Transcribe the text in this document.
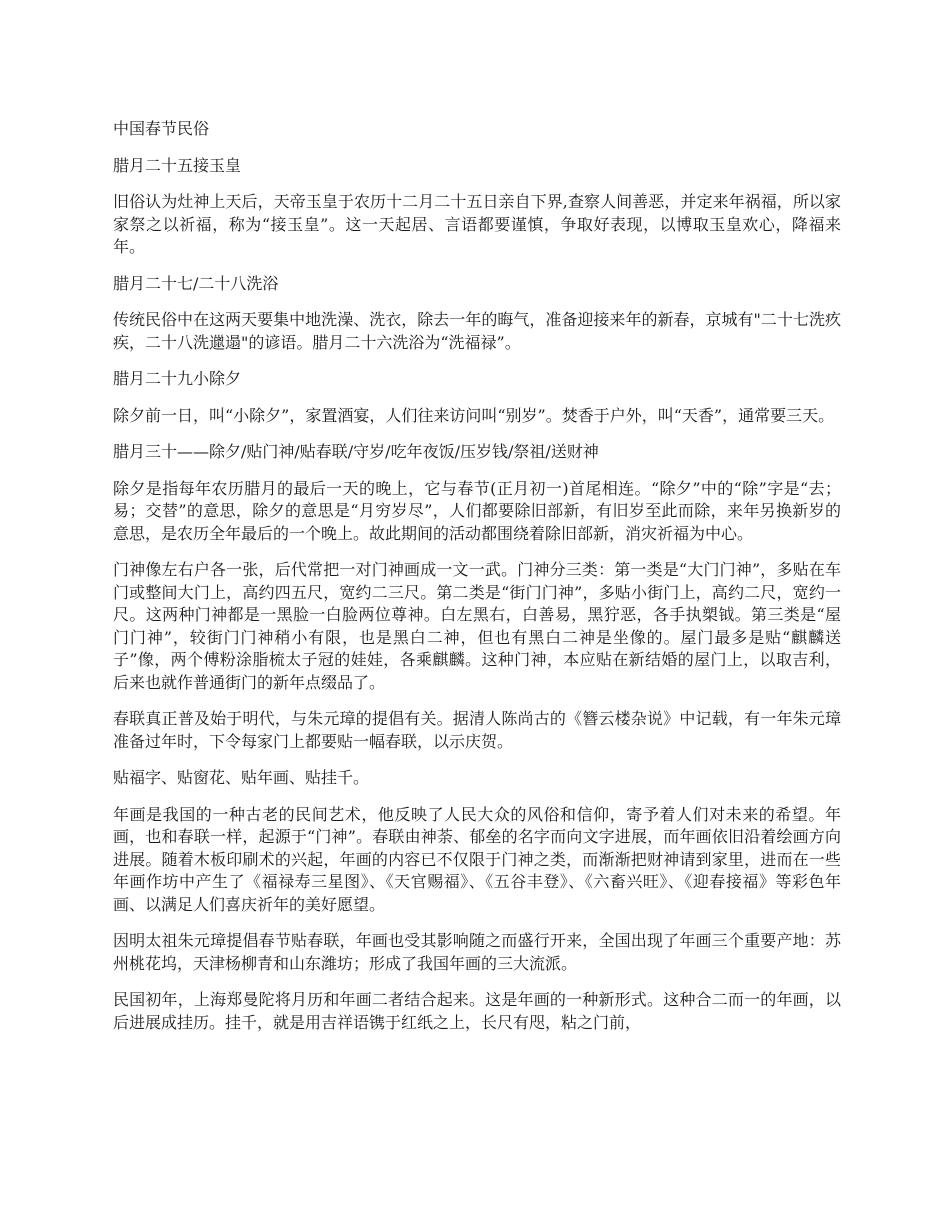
中国春节民俗

腊月二十五接玉皇

旧俗认为灶神上天后，天帝玉皇于农历十二月二十五日亲自下界,查察人间善恶，并定来年祸福，所以家家祭之以祈福，称为“接玉皇”。这一天起居、言语都要谨慎，争取好表现，以博取玉皇欢心，降福来年。

腊月二十七/二十八洗浴

传统民俗中在这两天要集中地洗澡、洗衣，除去一年的晦气，准备迎接来年的新春，京城有"二十七洗疚疾，二十八洗邋遢"的谚语。腊月二十六洗浴为“洗福禄”。

腊月二十九小除夕

除夕前一日，叫“小除夕”，家置酒宴，人们往来访问叫“别岁”。焚香于户外，叫“天香”，通常要三天。

腊月三十——除夕/贴门神/贴春联/守岁/吃年夜饭/压岁钱/祭祖/送财神

除夕是指每年农历腊月的最后一天的晚上，它与春节(正月初一)首尾相连。“除夕”中的“除”字是“去；易；交替”的意思，除夕的意思是“月穷岁尽”，人们都要除旧部新，有旧岁至此而除，来年另换新岁的意思，是农历全年最后的一个晚上。故此期间的活动都围绕着除旧部新，消灾祈福为中心。

门神像左右户各一张，后代常把一对门神画成一文一武。门神分三类：第一类是“大门门神”，多贴在车门或整间大门上，高约四五尺，宽约二三尺。第二类是“街门门神”，多贴小街门上，高约二尺，宽约一尺。这两种门神都是一黑脸一白脸两位尊神。白左黑右，白善易，黑狞恶，各手执槊钺。第三类是“屋门门神”，较街门门神稍小有限，也是黑白二神，但也有黑白二神是坐像的。屋门最多是贴“麒麟送子”像，两个傅粉涂脂梳太子冠的娃娃，各乘麒麟。这种门神，本应贴在新结婚的屋门上，以取吉利，后来也就作普通街门的新年点缀品了。

春联真正普及始于明代，与朱元璋的提倡有关。据清人陈尚古的《簪云楼杂说》中记载，有一年朱元璋准备过年时，下令每家门上都要贴一幅春联，以示庆贺。

贴福字、贴窗花、贴年画、贴挂千。

年画是我国的一种古老的民间艺术，他反映了人民大众的风俗和信仰，寄予着人们对未来的希望。年画，也和春联一样，起源于“门神”。春联由神荼、郁垒的名字而向文字进展，而年画依旧沿着绘画方向进展。随着木板印刷术的兴起，年画的内容已不仅限于门神之类，而渐渐把财神请到家里，进而在一些年画作坊中产生了《福禄寿三星图》、《天官赐福》、《五谷丰登》、《六畜兴旺》、《迎春接福》等彩色年画、以满足人们喜庆祈年的美好愿望。

因明太祖朱元璋提倡春节贴春联，年画也受其影响随之而盛行开来，全国出现了年画三个重要产地：苏州桃花坞，天津杨柳青和山东潍坊；形成了我国年画的三大流派。

民国初年，上海郑曼陀将月历和年画二者结合起来。这是年画的一种新形式。这种合二而一的年画，以后进展成挂历。挂千，就是用吉祥语镌于红纸之上，长尺有咫，粘之门前，
